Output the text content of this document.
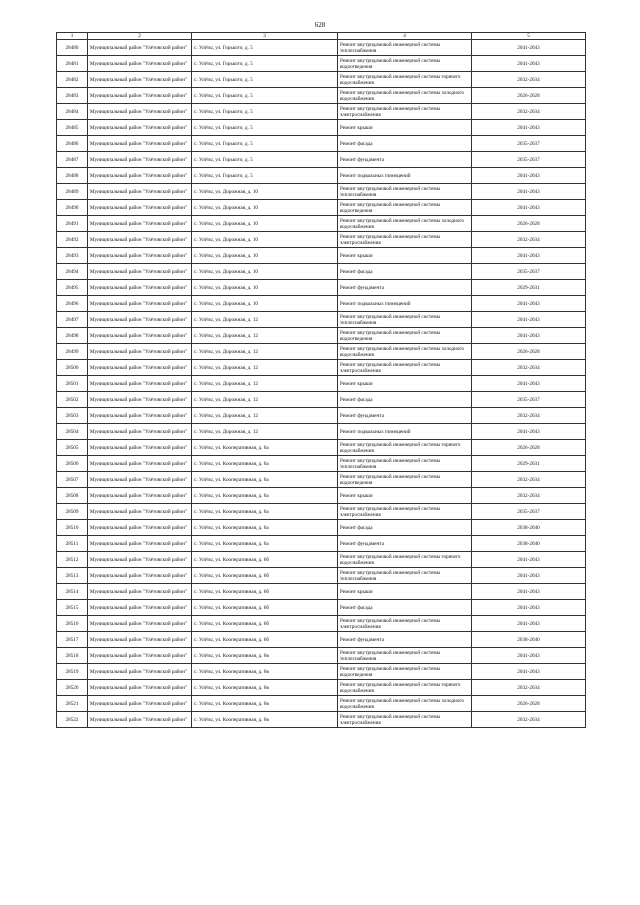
628
1	2	3	4	5
28480	Муниципальный район "Улётовский район"	с. Улёты, ул. Горького, д. 5	Ремонт внутридомовой инженерной системы теплоснабжения	2041-2043
28481	Муниципальный район "Улётовский район"	с. Улёты, ул. Горького, д. 5	Ремонт внутридомовой инженерной системы водоотведения	2041-2043
28482	Муниципальный район "Улётовский район"	с. Улёты, ул. Горького, д. 5	Ремонт внутридомовой инженерной системы горячего водоснабжения	2032-2034
28483	Муниципальный район "Улётовский район"	с. Улёты, ул. Горького, д. 5	Ремонт внутридомовой инженерной системы холодного водоснабжения	2026-2028
28484	Муниципальный район "Улётовский район"	с. Улёты, ул. Горького, д. 5	Ремонт внутридомовой инженерной системы электроснабжения	2032-2034
28485	Муниципальный район "Улётовский район"	с. Улёты, ул. Горького, д. 5	Ремонт крыши	2041-2043
28486	Муниципальный район "Улётовский район"	с. Улёты, ул. Горького, д. 5	Ремонт фасада	2035-2037
28487	Муниципальный район "Улётовский район"	с. Улёты, ул. Горького, д. 5	Ремонт фундамента	2035-2037
28488	Муниципальный район "Улётовский район"	с. Улёты, ул. Горького, д. 5	Ремонт подвальных помещений	2041-2043
28489	Муниципальный район "Улётовский район"	с. Улёты, ул. Дорожная, д. 10	Ремонт внутридомовой инженерной системы теплоснабжения	2041-2043
28490	Муниципальный район "Улётовский район"	с. Улёты, ул. Дорожная, д. 10	Ремонт внутридомовой инженерной системы водоотведения	2041-2043
28491	Муниципальный район "Улётовский район"	с. Улёты, ул. Дорожная, д. 10	Ремонт внутридомовой инженерной системы холодного водоснабжения	2026-2028
28492	Муниципальный район "Улётовский район"	с. Улёты, ул. Дорожная, д. 10	Ремонт внутридомовой инженерной системы электроснабжения	2032-2034
28493	Муниципальный район "Улётовский район"	с. Улёты, ул. Дорожная, д. 10	Ремонт крыши	2041-2043
28494	Муниципальный район "Улётовский район"	с. Улёты, ул. Дорожная, д. 10	Ремонт фасада	2035-2037
28495	Муниципальный район "Улётовский район"	с. Улёты, ул. Дорожная, д. 10	Ремонт фундамента	2029-2031
28496	Муниципальный район "Улётовский район"	с. Улёты, ул. Дорожная, д. 10	Ремонт подвальных помещений	2041-2043
28497	Муниципальный район "Улётовский район"	с. Улёты, ул. Дорожная, д. 12	Ремонт внутридомовой инженерной системы теплоснабжения	2041-2043
28498	Муниципальный район "Улётовский район"	с. Улёты, ул. Дорожная, д. 12	Ремонт внутридомовой инженерной системы водоотведения	2041-2043
28499	Муниципальный район "Улётовский район"	с. Улёты, ул. Дорожная, д. 12	Ремонт внутридомовой инженерной системы холодного водоснабжения	2026-2028
28500	Муниципальный район "Улётовский район"	с. Улёты, ул. Дорожная, д. 12	Ремонт внутридомовой инженерной системы электроснабжения	2032-2034
28501	Муниципальный район "Улётовский район"	с. Улёты, ул. Дорожная, д. 12	Ремонт крыши	2041-2043
28502	Муниципальный район "Улётовский район"	с. Улёты, ул. Дорожная, д. 12	Ремонт фасада	2035-2037
28503	Муниципальный район "Улётовский район"	с. Улёты, ул. Дорожная, д. 12	Ремонт фундамента	2032-2034
28504	Муниципальный район "Улётовский район"	с. Улёты, ул. Дорожная, д. 12	Ремонт подвальных помещений	2041-2043
28505	Муниципальный район "Улётовский район"	с. Улёты, ул. Кооперативная, д. 6а	Ремонт внутридомовой инженерной системы горячего водоснабжения	2026-2028
28506	Муниципальный район "Улётовский район"	с. Улёты, ул. Кооперативная, д. 6а	Ремонт внутридомовой инженерной системы теплоснабжения	2029-2031
28507	Муниципальный район "Улётовский район"	с. Улёты, ул. Кооперативная, д. 6а	Ремонт внутридомовой инженерной системы водоотведения	2032-2034
28508	Муниципальный район "Улётовский район"	с. Улёты, ул. Кооперативная, д. 6а	Ремонт крыши	2032-2034
28509	Муниципальный район "Улётовский район"	с. Улёты, ул. Кооперативная, д. 6а	Ремонт внутридомовой инженерной системы электроснабжения	2035-2037
28510	Муниципальный район "Улётовский район"	с. Улёты, ул. Кооперативная, д. 6а	Ремонт фасада	2038-2040
28511	Муниципальный район "Улётовский район"	с. Улёты, ул. Кооперативная, д. 6а	Ремонт фундамента	2038-2040
28512	Муниципальный район "Улётовский район"	с. Улёты, ул. Кооперативная, д. 6б	Ремонт внутридомовой инженерной системы горячего водоснабжения	2041-2043
28513	Муниципальный район "Улётовский район"	с. Улёты, ул. Кооперативная, д. 6б	Ремонт внутридомовой инженерной системы теплоснабжения	2041-2043
28514	Муниципальный район "Улётовский район"	с. Улёты, ул. Кооперативная, д. 6б	Ремонт крыши	2041-2043
28515	Муниципальный район "Улётовский район"	с. Улёты, ул. Кооперативная, д. 6б	Ремонт фасада	2041-2043
28516	Муниципальный район "Улётовский район"	с. Улёты, ул. Кооперативная, д. 6б	Ремонт внутридомовой инженерной системы электроснабжения	2041-2043
28517	Муниципальный район "Улётовский район"	с. Улёты, ул. Кооперативная, д. 6б	Ремонт фундамента	2038-2040
28518	Муниципальный район "Улётовский район"	с. Улёты, ул. Кооперативная, д. 6в	Ремонт внутридомовой инженерной системы теплоснабжения	2041-2043
28519	Муниципальный район "Улётовский район"	с. Улёты, ул. Кооперативная, д. 6в	Ремонт внутридомовой инженерной системы водоотведения	2041-2043
28520	Муниципальный район "Улётовский район"	с. Улёты, ул. Кооперативная, д. 6в	Ремонт внутридомовой инженерной системы горячего водоснабжения	2032-2034
28521	Муниципальный район "Улётовский район"	с. Улёты, ул. Кооперативная, д. 6в	Ремонт внутридомовой инженерной системы холодного водоснабжения	2026-2028
28522	Муниципальный район "Улётовский район"	с. Улёты, ул. Кооперативная, д. 6в	Ремонт внутридомовой инженерной системы электроснабжения	2032-2034
